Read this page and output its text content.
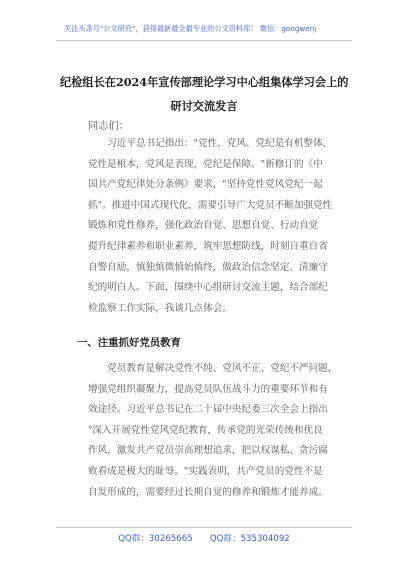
关注头条号"公文研究"，获得最新最全最专业的公文资料库！ 微信：gongwenj
纪检组长在2024年宣传部理论学习中心组集体学习会上的
研讨交流发言
同志们：
　　习近平总书记指出："党性、党风、党纪是有机整体，
党性是根本，党风是表现，党纪是保障。"新修订的《中
国共产党纪律处分条例》要求，"坚持党性党风党纪一起
抓"。推进中国式现代化，需要引导广大党员不断加强党性
锻炼和党性修养，强化政治自觉、思想自觉、行动自觉
提升纪律素养和职业素养，筑牢思想防线，时刻自重自省
自警自励，慎独慎微慎始慎终，做政治信念坚定、清廉守
纪的明白人。下面，围绕中心组研讨交流主题，结合部纪
检监察工作实际，我谈几点体会。
一、注重抓好党员教育
　　党员教育是解决党性不纯、党风不正、党纪不严问题，
增强党组织凝聚力，提高党员队伍战斗力的重要环节和有
效途径。习近平总书记在二十届中央纪委三次全会上指出
"深入开展党性党风党纪教育，传承党的光荣传统和优良
作风，激发共产党员崇高理想追求，把以权谋私、贪污腐
败看成是极大的耻辱。"实践表明，共产党员的党性不是
自发形成的，需要经过长期自觉的修养和锻炼才能养成。
QQ群：30265665　　QQ群：535304092
